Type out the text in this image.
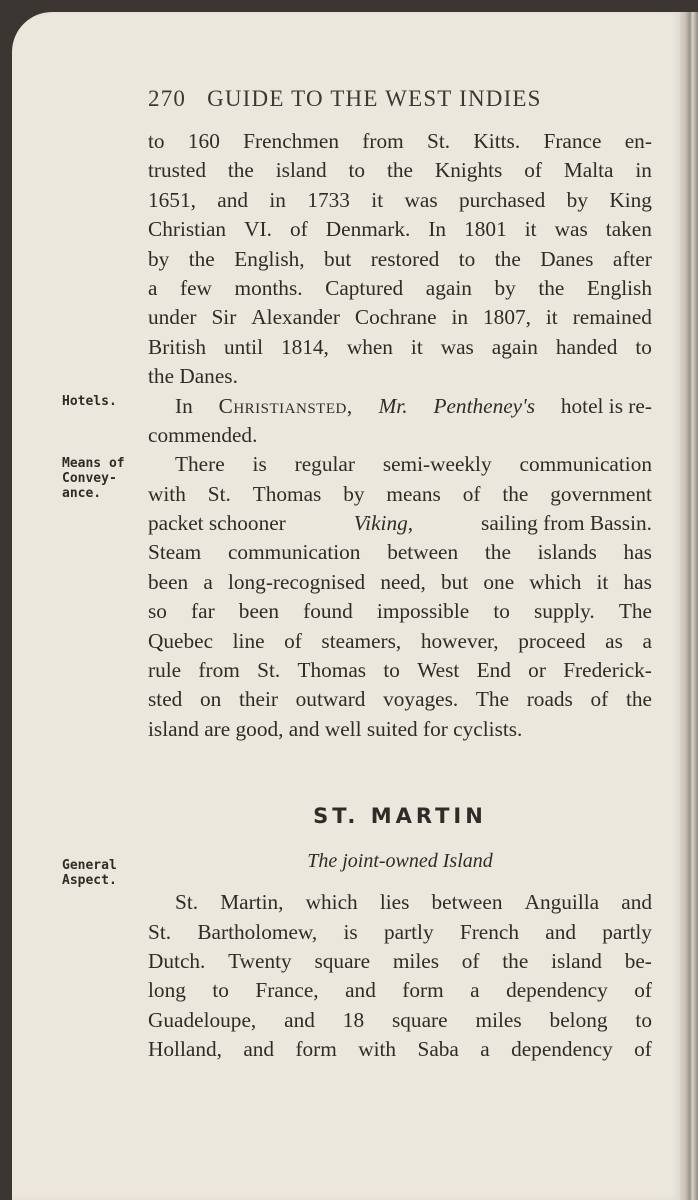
270 GUIDE TO THE WEST INDIES
Hotels.
Means of
Convey-
ance.
General
Aspect.
to 160 Frenchmen from St. Kitts. France en-
trusted the island to the Knights of Malta in
1651, and in 1733 it was purchased by King
Christian VI. of Denmark. In 1801 it was taken
by the English, but restored to the Danes after
a few months. Captured again by the English
under Sir Alexander Cochrane in 1807, it remained
British until 1814, when it was again handed to
the Danes.
In Christiansted, Mr. Pentheney's hotel is re-
commended.
There is regular semi-weekly communication
with St. Thomas by means of the government
packet schooner	Viking,	sailing from Bassin.
Steam communication between the islands has
been a long-recognised need, but one which it has
so far been found impossible to supply. The
Quebec line of steamers, however, proceed as a
rule from St. Thomas to West End or Frederick-
sted on their outward voyages. The roads of the
island are good, and well suited for cyclists.
ST. MARTIN
The joint-owned Island
St. Martin, which lies between Anguilla and
St. Bartholomew, is partly French and partly
Dutch. Twenty square miles of the island be-
long to France, and form a dependency of
Guadeloupe, and 18 square miles belong to
Holland, and form with Saba a dependency of
